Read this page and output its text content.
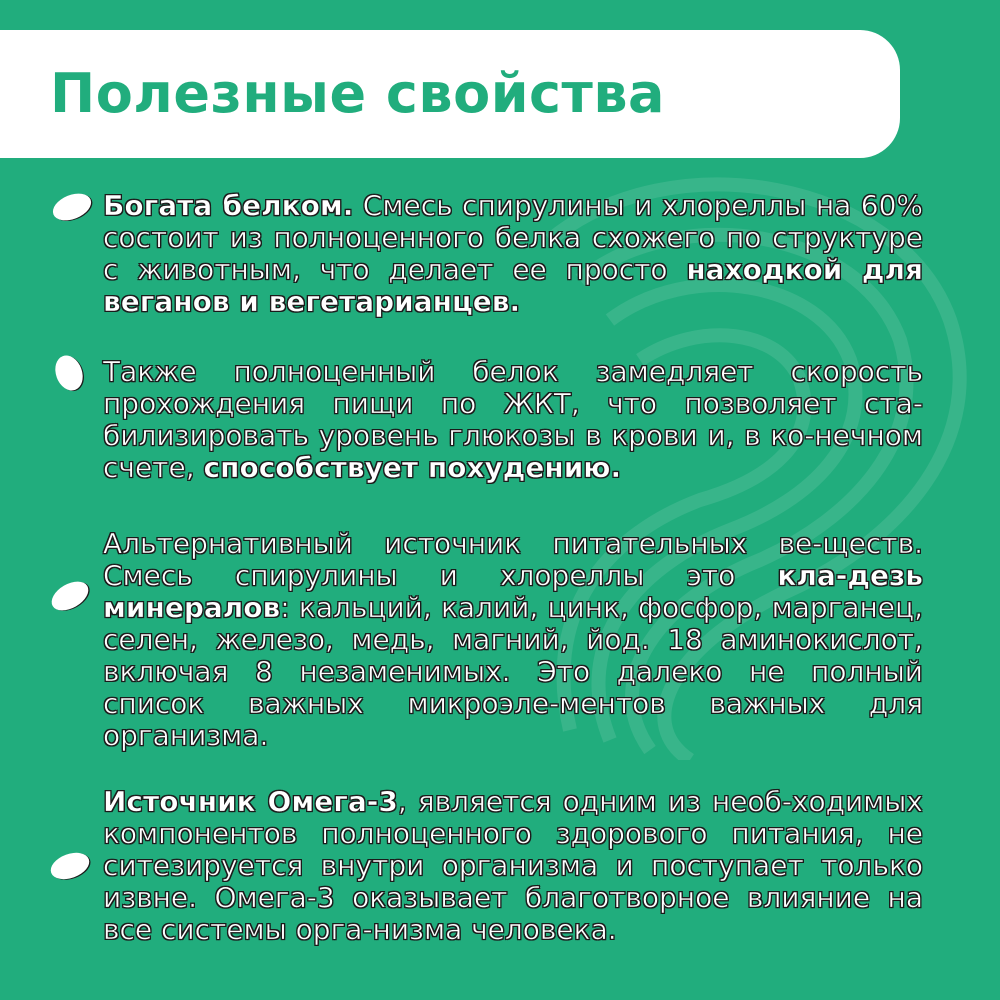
Полезные свойства

Богата белком. Смесь спирулины и хлореллы на 60% состоит из полноценного белка схожего по структуре с животным, что делает ее просто находкой для веганов и вегетарианцев.

Также полноценный белок замедляет скорость прохождения пищи по ЖКТ, что позволяет ста-билизировать уровень глюкозы в крови и, в ко-нечном счете, способствует похудению.

Альтернативный источник питательных ве-ществ. Смесь спирулины и хлореллы это кла-дезь минералов: кальций, калий, цинк, фосфор, марганец, селен, железо, медь, магний, йод. 18 аминокислот, включая 8 незаменимых. Это далеко не полный список важных микроэле-ментов важных для организма.

Источник Омега-3, является одним из необ-ходимых компонентов полноценного здорового питания, не ситезируется внутри организма и поступает только извне. Омега-3 оказывает благотворное влияние на все системы орга-низма человека.
